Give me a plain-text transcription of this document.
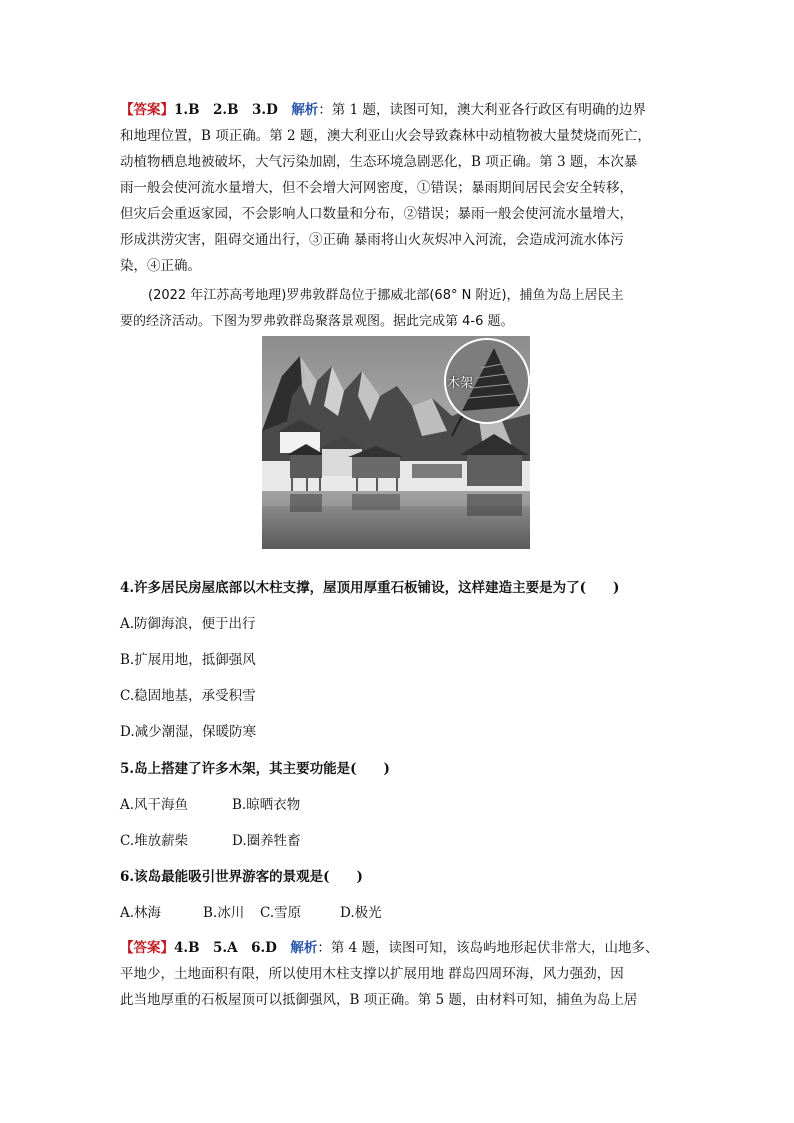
【答案】1.B　2.B　3.D　 解析：第 1 题，读图可知，澳大利亚各行政区有明确的边界
和地理位置，B 项正确。第 2 题，澳大利亚山火会导致森林中动植物被大量焚烧而死亡，
动植物栖息地被破坏，大气污染加剧，生态环境急剧恶化，B 项正确。第 3 题，本次暴
雨一般会使河流水量增大，但不会增大河网密度，①错误；暴雨期间居民会安全转移，
但灾后会重返家园，不会影响人口数量和分布，②错误；暴雨一般会使河流水量增大，
形成洪涝灾害，阻碍交通出行，③正确 暴雨将山火灰烬冲入河流，会造成河流水体污
染，④正确。
(2022 年江苏高考地理)罗弗敦群岛位于挪威北部(68° N 附近)，捕鱼为岛上居民主
要的经济活动。下图为罗弗敦群岛聚落景观图。据此完成第 4-6 题。
木架
4.许多居民房屋底部以木柱支撑，屋顶用厚重石板铺设，这样建造主要是为了(　　)
A.防御海浪，便于出行
B.扩展用地，抵御强风
C.稳固地基，承受积雪
D.减少潮湿，保暖防寒
5.岛上搭建了许多木架，其主要功能是(　　)
A.风干海鱼	B.晾晒衣物
C.堆放薪柴	D.圈养牲畜
6.该岛最能吸引世界游客的景观是(　　)
A.林海	B.冰川 C.雪原	D.极光
【答案】4.B　5.A　6.D　 解析：第 4 题，读图可知，该岛屿地形起伏非常大，山地多、
平地少，土地面积有限，所以使用木柱支撑以扩展用地 群岛四周环海，风力强劲，因
此当地厚重的石板屋顶可以抵御强风，B 项正确。第 5 题，由材料可知，捕鱼为岛上居
